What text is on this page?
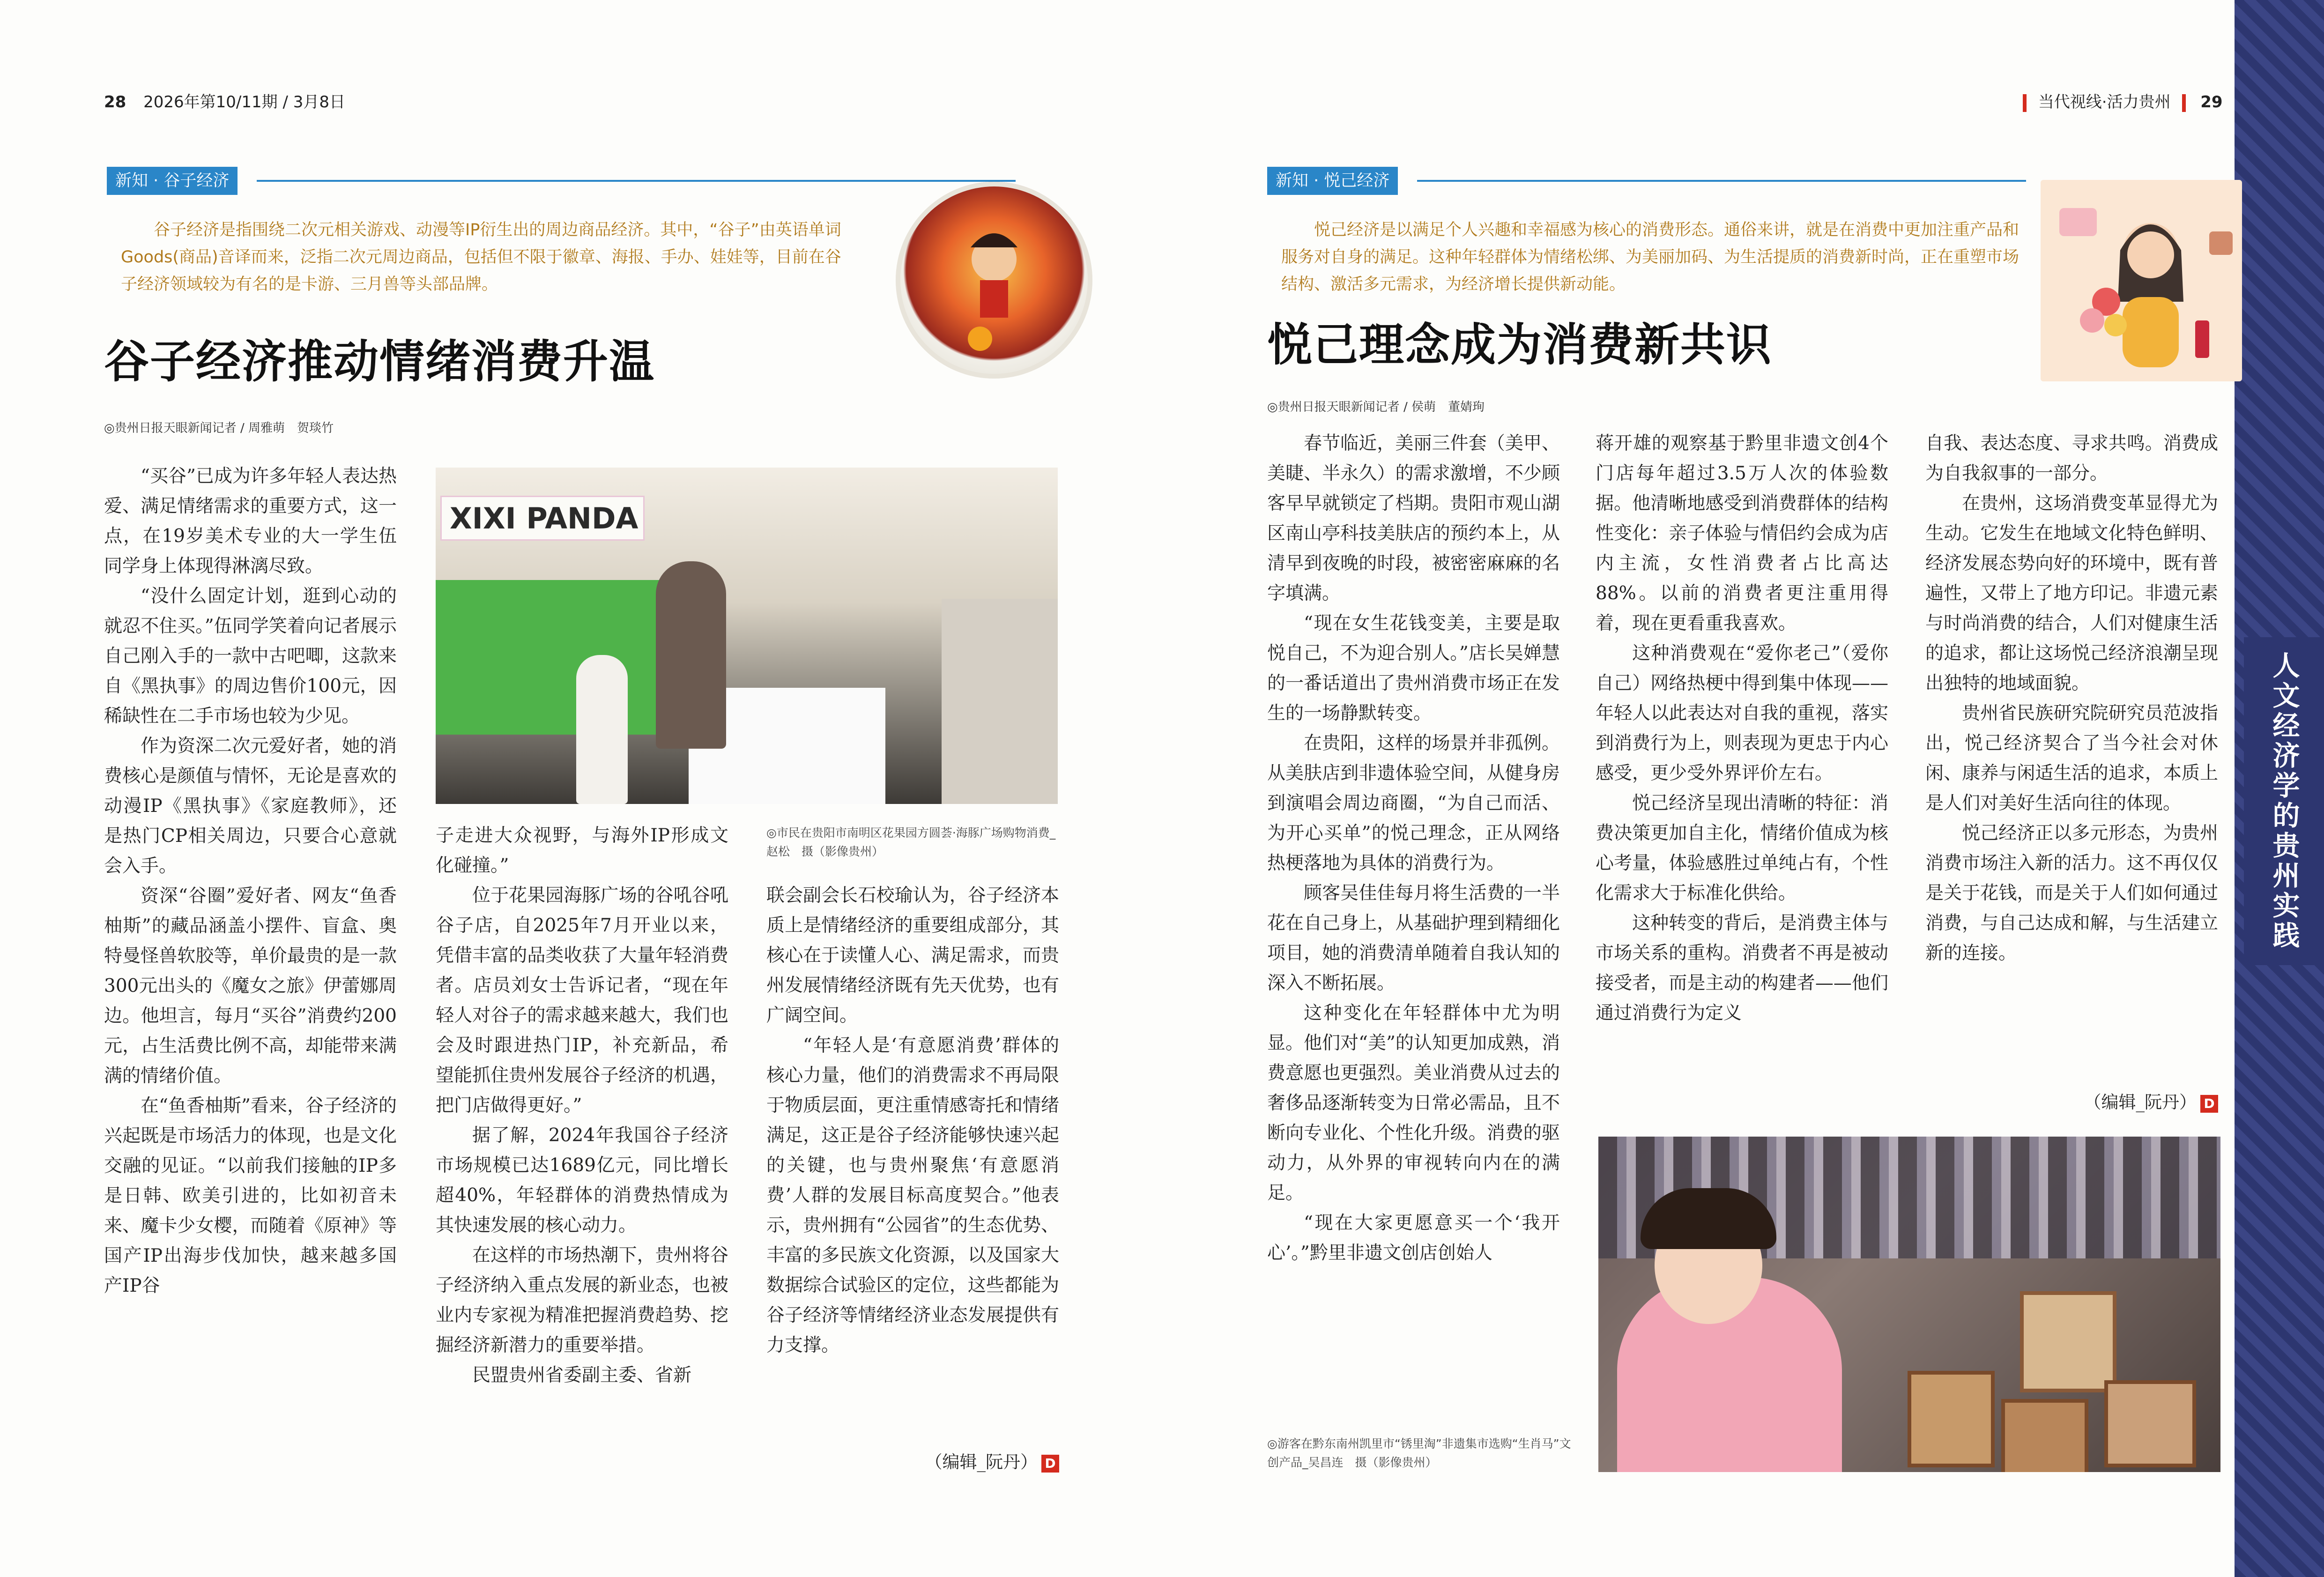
人文经济学的贵州实践
28 2026年第10/11期 / 3月8日	当代视线·活力贵州 29
新知 · 谷子经济

谷子经济是指围绕二次元相关游戏、动漫等IP衍生出的周边商品经济。其中，“谷子”由英语单词Goods(商品)音译而来，泛指二次元周边商品，包括但不限于徽章、海报、手办、娃娃等，目前在谷子经济领域较为有名的是卡游、三月兽等头部品牌。

谷子经济推动情绪消费升温
◎贵州日报天眼新闻记者 / 周雅萌　贺琰竹

“买谷”已成为许多年轻人表达热爱、满足情绪需求的重要方式，这一点，在19岁美术专业的大一学生伍同学身上体现得淋漓尽致。

“没什么固定计划，逛到心动的就忍不住买。”伍同学笑着向记者展示自己刚入手的一款中古吧唧，这款来自《黑执事》的周边售价100元，因稀缺性在二手市场也较为少见。

作为资深二次元爱好者，她的消费核心是颜值与情怀，无论是喜欢的动漫IP《黑执事》《家庭教师》，还是热门CP相关周边，只要合心意就会入手。

资深“谷圈”爱好者、网友“鱼香柚斯”的藏品涵盖小摆件、盲盒、奥特曼怪兽软胶等，单价最贵的是一款300元出头的《魔女之旅》伊蕾娜周边。他坦言，每月“买谷”消费约200元，占生活费比例不高，却能带来满满的情绪价值。

在“鱼香柚斯”看来，谷子经济的兴起既是市场活力的体现，也是文化交融的见证。“以前我们接触的IP多是日韩、欧美引进的，比如初音未来、魔卡少女樱，而随着《原神》等国产IP出海步伐加快，越来越多国产IP谷

XIXI PANDA
◎市民在贵阳市南明区花果园方圆荟·海豚广场购物消费_赵松　摄（影像贵州）

子走进大众视野，与海外IP形成文化碰撞。”

位于花果园海豚广场的谷吼谷吼谷子店，自2025年7月开业以来，凭借丰富的品类收获了大量年轻消费者。店员刘女士告诉记者，“现在年轻人对谷子的需求越来越大，我们也会及时跟进热门IP，补充新品，希望能抓住贵州发展谷子经济的机遇，把门店做得更好。”

据了解，2024年我国谷子经济市场规模已达1689亿元，同比增长超40%，年轻群体的消费热情成为其快速发展的核心动力。

在这样的市场热潮下，贵州将谷子经济纳入重点发展的新业态，也被业内专家视为精准把握消费趋势、挖掘经济新潜力的重要举措。

民盟贵州省委副主委、省新

联会副会长石校瑜认为，谷子经济本质上是情绪经济的重要组成部分，其核心在于读懂人心、满足需求，而贵州发展情绪经济既有先天优势，也有广阔空间。

“年轻人是‘有意愿消费’群体的核心力量，他们的消费需求不再局限于物质层面，更注重情感寄托和情绪满足，这正是谷子经济能够快速兴起的关键，也与贵州聚焦‘有意愿消费’人群的发展目标高度契合。”他表示，贵州拥有“公园省”的生态优势、丰富的多民族文化资源，以及国家大数据综合试验区的定位，这些都能为谷子经济等情绪经济业态发展提供有力支撑。

（编辑_阮丹） D
新知 · 悦己经济

悦己经济是以满足个人兴趣和幸福感为核心的消费形态。通俗来讲，就是在消费中更加注重产品和服务对自身的满足。这种年轻群体为情绪松绑、为美丽加码、为生活提质的消费新时尚，正在重塑市场结构、激活多元需求，为经济增长提供新动能。

悦己理念成为消费新共识
◎贵州日报天眼新闻记者 / 侯萌　董婧珣

春节临近，美丽三件套（美甲、美睫、半永久）的需求激增，不少顾客早早就锁定了档期。贵阳市观山湖区南山亭科技美肤店的预约本上，从清早到夜晚的时段，被密密麻麻的名字填满。

“现在女生花钱变美，主要是取悦自己，不为迎合别人。”店长吴婵慧的一番话道出了贵州消费市场正在发生的一场静默转变。

在贵阳，这样的场景并非孤例。从美肤店到非遗体验空间，从健身房到演唱会周边商圈，“为自己而活、为开心买单”的悦己理念，正从网络热梗落地为具体的消费行为。

顾客吴佳佳每月将生活费的一半花在自己身上，从基础护理到精细化项目，她的消费清单随着自我认知的深入不断拓展。

这种变化在年轻群体中尤为明显。他们对“美”的认知更加成熟，消费意愿也更强烈。美业消费从过去的奢侈品逐渐转变为日常必需品，且不断向专业化、个性化升级。消费的驱动力，从外界的审视转向内在的满足。

“现在大家更愿意买一个‘我开心’。”黔里非遗文创店创始人

蒋开雄的观察基于黔里非遗文创4个门店每年超过3.5万人次的体验数据。他清晰地感受到消费群体的结构性变化：亲子体验与情侣约会成为店内主流，女性消费者占比高达88%。以前的消费者更注重用得着，现在更看重我喜欢。

这种消费观在“爱你老己”（爱你自己）网络热梗中得到集中体现——年轻人以此表达对自我的重视，落实到消费行为上，则表现为更忠于内心感受，更少受外界评价左右。

悦己经济呈现出清晰的特征：消费决策更加自主化，情绪价值成为核心考量，体验感胜过单纯占有，个性化需求大于标准化供给。

这种转变的背后，是消费主体与市场关系的重构。消费者不再是被动接受者，而是主动的构建者——他们通过消费行为定义

自我、表达态度、寻求共鸣。消费成为自我叙事的一部分。

在贵州，这场消费变革显得尤为生动。它发生在地域文化特色鲜明、经济发展态势向好的环境中，既有普遍性，又带上了地方印记。非遗元素与时尚消费的结合，人们对健康生活的追求，都让这场悦己经济浪潮呈现出独特的地域面貌。

贵州省民族研究院研究员范波指出，悦己经济契合了当今社会对休闲、康养与闲适生活的追求，本质上是人们对美好生活向往的体现。

悦己经济正以多元形态，为贵州消费市场注入新的活力。这不再仅仅是关于花钱，而是关于人们如何通过消费，与自己达成和解，与生活建立新的连接。

（编辑_阮丹） D
◎游客在黔东南州凯里市“锈里淘”非遗集市选购“生肖马”文创产品_吴昌连　摄（影像贵州）
